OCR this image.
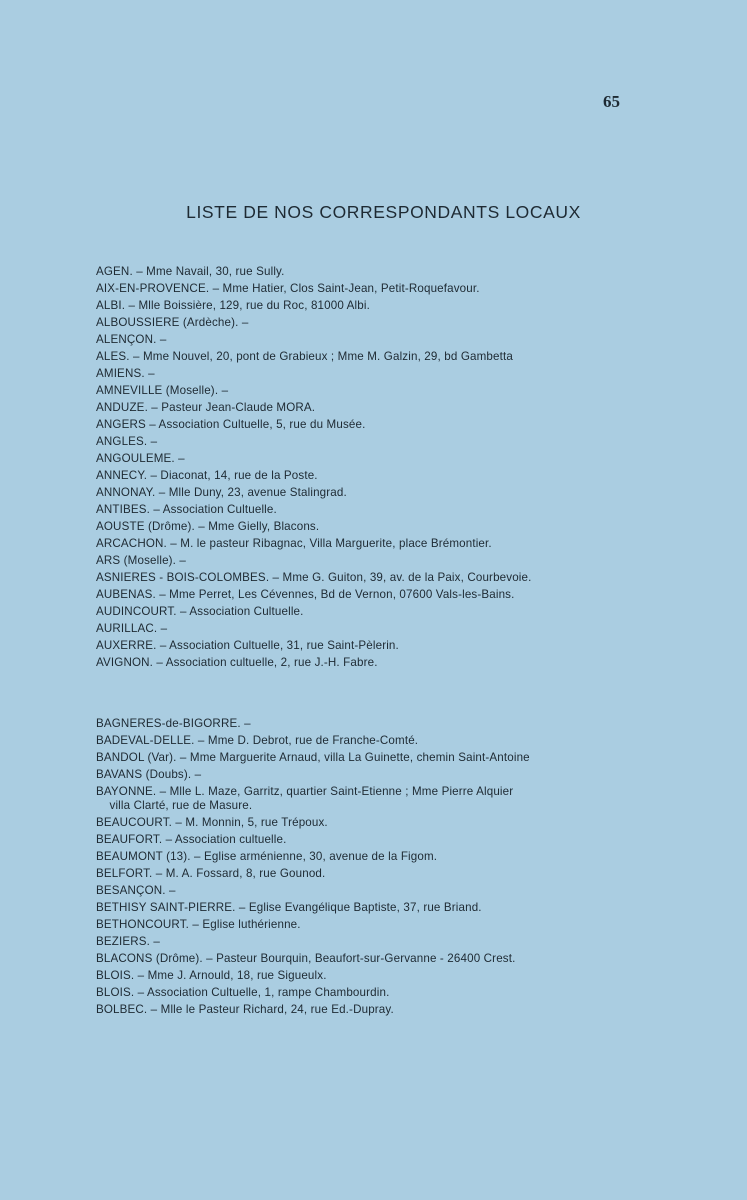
65
LISTE DE NOS CORRESPONDANTS LOCAUX
AGEN. – Mme Navail, 30, rue Sully.
AIX-EN-PROVENCE. – Mme Hatier, Clos Saint-Jean, Petit-Roquefavour.
ALBI. – Mlle Boissière, 129, rue du Roc, 81000 Albi.
ALBOUSSIERE (Ardèche). –
ALENÇON. –
ALES. – Mme Nouvel, 20, pont de Grabieux ; Mme M. Galzin, 29, bd Gambetta
AMIENS. –
AMNEVILLE (Moselle). –
ANDUZE. – Pasteur Jean-Claude MORA.
ANGERS – Association Cultuelle, 5, rue du Musée.
ANGLES. –
ANGOULEME. –
ANNECY. – Diaconat, 14, rue de la Poste.
ANNONAY. – Mlle Duny, 23, avenue Stalingrad.
ANTIBES. – Association Cultuelle.
AOUSTE (Drôme). – Mme Gielly, Blacons.
ARCACHON. – M. le pasteur Ribagnac, Villa Marguerite, place Brémontier.
ARS (Moselle). –
ASNIERES - BOIS-COLOMBES. – Mme G. Guiton, 39, av. de la Paix, Courbevoie.
AUBENAS. – Mme Perret, Les Cévennes, Bd de Vernon, 07600 Vals-les-Bains.
AUDINCOURT. – Association Cultuelle.
AURILLAC. –
AUXERRE. – Association Cultuelle, 31, rue Saint-Pèlerin.
AVIGNON. – Association cultuelle, 2, rue J.-H. Fabre.
BAGNERES-de-BIGORRE. –
BADEVAL-DELLE. – Mme D. Debrot, rue de Franche-Comté.
BANDOL (Var). – Mme Marguerite Arnaud, villa La Guinette, chemin Saint-Antoine
BAVANS (Doubs). –
BAYONNE. – Mlle L. Maze, Garritz, quartier Saint-Etienne ; Mme Pierre Alquier
villa Clarté, rue de Masure.
BEAUCOURT. – M. Monnin, 5, rue Trépoux.
BEAUFORT. – Association cultuelle.
BEAUMONT (13). – Eglise arménienne, 30, avenue de la Figom.
BELFORT. – M. A. Fossard, 8, rue Gounod.
BESANÇON. –
BETHISY SAINT-PIERRE. – Eglise Evangélique Baptiste, 37, rue Briand.
BETHONCOURT. – Eglise luthérienne.
BEZIERS. –
BLACONS (Drôme). – Pasteur Bourquin, Beaufort-sur-Gervanne - 26400 Crest.
BLOIS. – Mme J. Arnould, 18, rue Sigueulx.
BLOIS. – Association Cultuelle, 1, rampe Chambourdin.
BOLBEC. – Mlle le Pasteur Richard, 24, rue Ed.-Dupray.
